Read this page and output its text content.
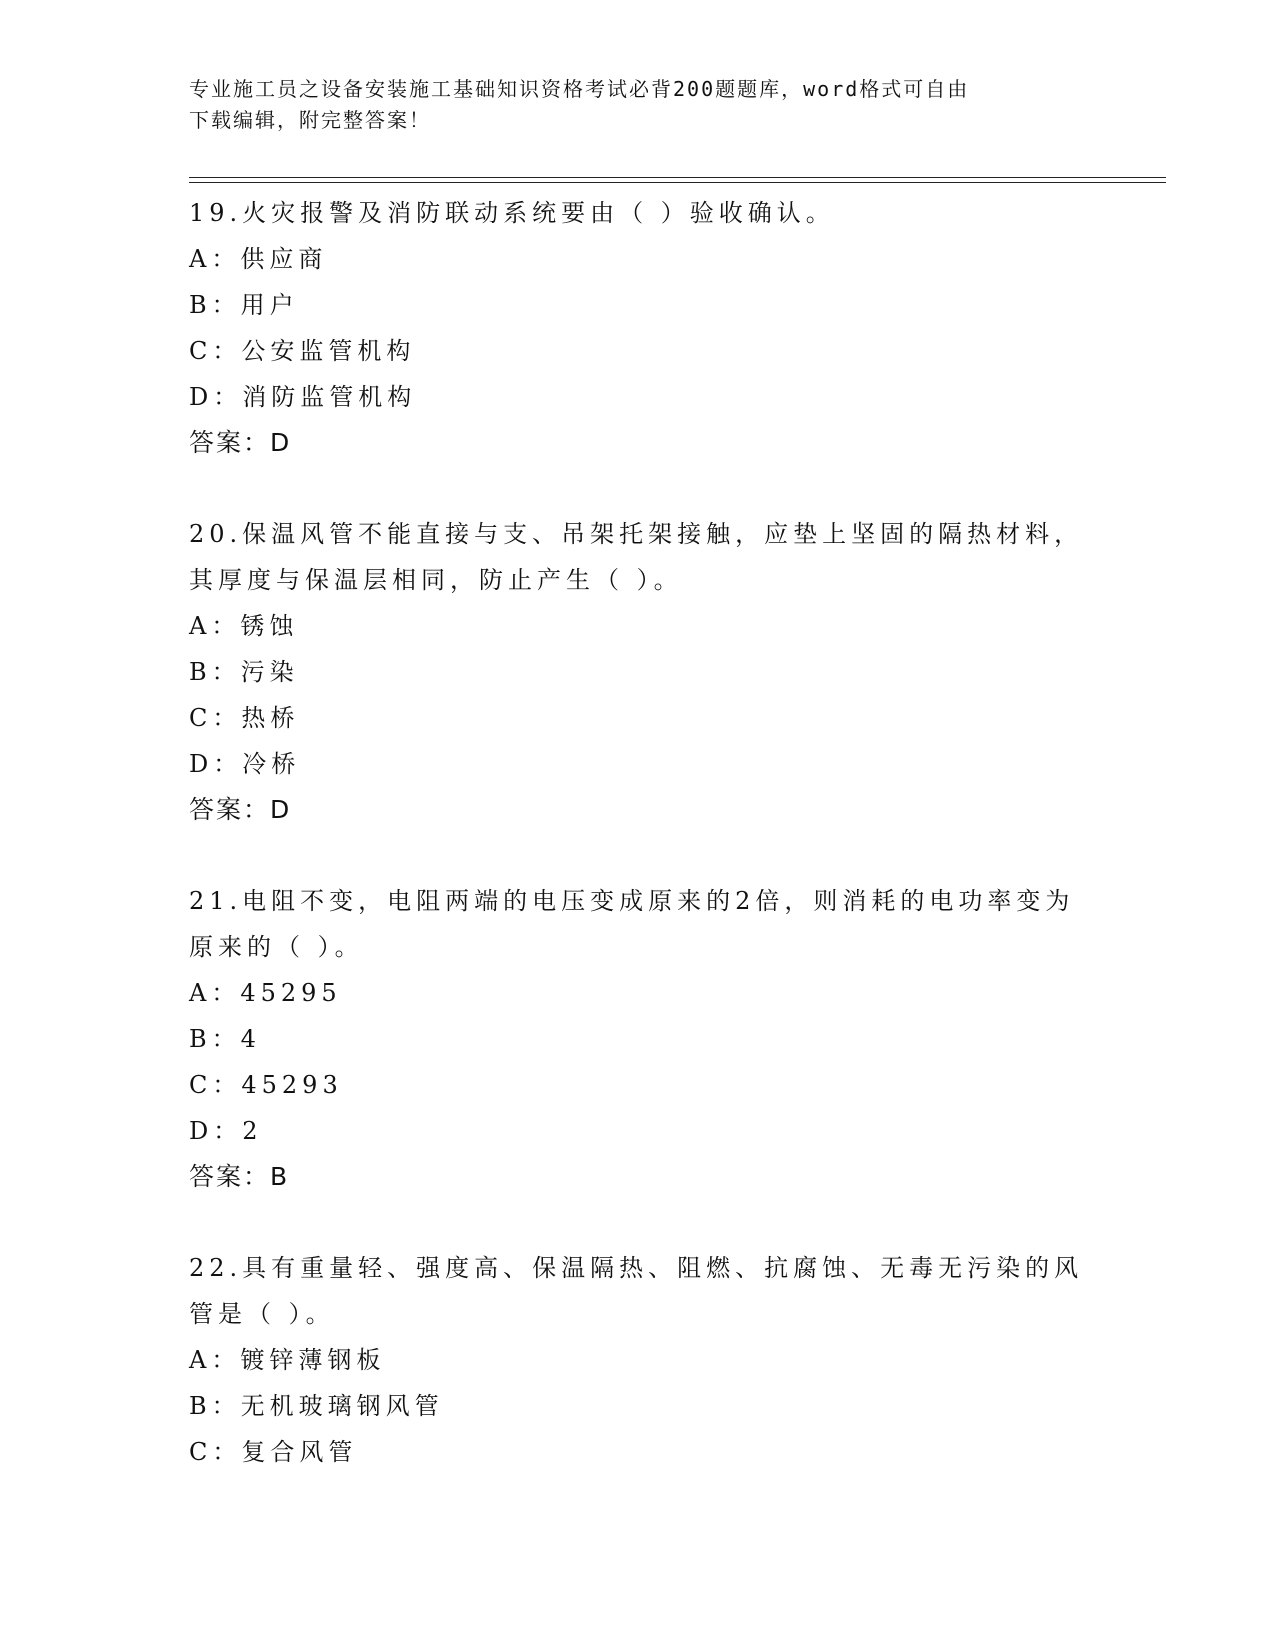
专业施工员之设备安装施工基础知识资格考试必背200题题库，word格式可自由
下载编辑，附完整答案！

19.火灾报警及消防联动系统要由（ ）验收确认。

A：供应商

B：用户

C：公安监管机构

D：消防监管机构

答案：D

20.保温风管不能直接与支、吊架托架接触，应垫上坚固的隔热材料，

其厚度与保温层相同，防止产生（ ）。

A：锈蚀

B：污染

C：热桥

D：冷桥

答案：D

21.电阻不变，电阻两端的电压变成原来的2倍，则消耗的电功率变为

原来的（ ）。

A：45295

B：4

C：45293

D：2

答案：B

22.具有重量轻、强度高、保温隔热、阻燃、抗腐蚀、无毒无污染的风

管是（ ）。

A：镀锌薄钢板

B：无机玻璃钢风管

C：复合风管
